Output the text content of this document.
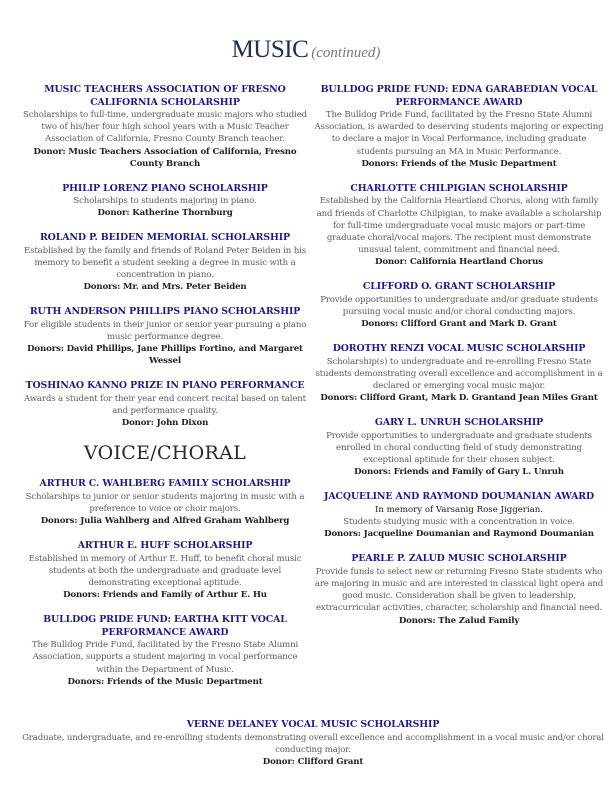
MUSIC (continued)
MUSIC TEACHERS ASSOCIATION OF FRESNO CALIFORNIA SCHOLARSHIP

Scholarships to full-time, undergraduate music majors who studied two of his/her four high school years with a Music Teacher Association of California, Fresno County Branch teacher.

Donor: Music Teachers Association of California, Fresno County Branch

PHILIP LORENZ PIANO SCHOLARSHIP

Scholarships to students majoring in piano.

Donor: Katherine Thornburg

ROLAND P. BEIDEN MEMORIAL SCHOLARSHIP

Established by the family and friends of Roland Peter Beiden in his memory to benefit a student seeking a degree in music with a concentration in piano.

Donors: Mr. and Mrs. Peter Beiden

RUTH ANDERSON PHILLIPS PIANO SCHOLARSHIP

For eligible students in their junior or senior year pursuing a piano music performance degree.

Donors: David Phillips, Jane Phillips Fortino, and Margaret Wessel

TOSHINAO KANNO PRIZE IN PIANO PERFORMANCE

Awards a student for their year end concert recital based on talent and performance quality.

Donor: John Dixon

VOICE/CHORAL
ARTHUR C. WAHLBERG FAMILY SCHOLARSHIP

Scholarships to junior or senior students majoring in music with a preference to voice or choir majors.

Donors: Julia Wahlberg and Alfred Graham Wahlberg

ARTHUR E. HUFF SCHOLARSHIP

Established in memory of Arthur E. Huff, to benefit choral music students at both the undergraduate and graduate level demonstrating exceptional aptitude.

Donors: Friends and Family of Arthur E. Hu

BULLDOG PRIDE FUND: EARTHA KITT VOCAL PERFORMANCE AWARD

The Bulldog Pride Fund, facilitated by the Fresno State Alumni Association, supports a student majoring in vocal performance within the Department of Music.

Donors: Friends of the Music Department

BULLDOG PRIDE FUND: EDNA GARABEDIAN VOCAL PERFORMANCE AWARD

The Bulldog Pride Fund, facilitated by the Fresno State Alumni Association, is awarded to deserving students majoring or expecting to declare a major in Vocal Performance, including graduate students pursuing an MA in Music Performance.

Donors: Friends of the Music Department

CHARLOTTE CHILPIGIAN SCHOLARSHIP

Established by the California Heartland Chorus, along with family and friends of Charlotte Chilpigian, to make available a scholarship for full-time undergraduate vocal music majors or part-time graduate choral/vocal majors. The recipient must demonstrate unusual talent, commitment and financial need.

Donor: California Heartland Chorus

CLIFFORD O. GRANT SCHOLARSHIP

Provide opportunities to undergraduate and/or graduate students pursuing vocal music and/or choral conducting majors.

Donors: Clifford Grant and Mark D. Grant

DOROTHY RENZI VOCAL MUSIC SCHOLARSHIP

Scholarship(s) to undergraduate and re-enrolling Fresno State students demonstrating overall excellence and accomplishment in a declared or emerging vocal music major.

Donors: Clifford Grant, Mark D. Grantand Jean Miles Grant

GARY L. UNRUH SCHOLARSHIP

Provide opportunities to undergraduate and graduate students enrolled in choral conducting field of study demonstrating exceptional aptitude for their chosen subject.

Donors: Friends and Family of Gary L. Unruh

JACQUELINE AND RAYMOND DOUMANIAN AWARD

In memory of Varsanig Rose Jiggerian.

Students studying music with a concentration in voice.

Donors: Jacqueline Doumanian and Raymond Doumanian

PEARLE P. ZALUD MUSIC SCHOLARSHIP

Provide funds to select new or returning Fresno State students who are majoring in music and are interested in classical light opera and good music. Consideration shall be given to leadership, extracurricular activities, character, scholarship and financial need.

Donors: The Zalud Family

VERNE DELANEY VOCAL MUSIC SCHOLARSHIP

Graduate, undergraduate, and re-enrolling students demonstrating overall excellence and accomplishment in a vocal music and/or choral conducting major.

Donor: Clifford Grant
